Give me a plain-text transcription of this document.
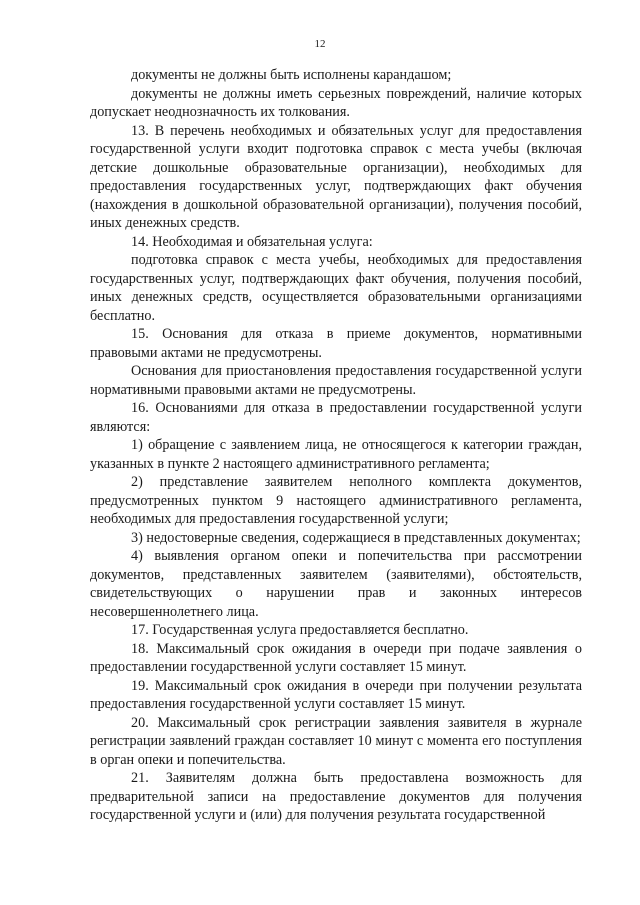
12

документы не должны быть исполнены карандашом;

документы не должны иметь серьезных повреждений, наличие которых допускает неоднозначность их толкования.

13. В перечень необходимых и обязательных услуг для предоставления государственной услуги входит подготовка справок с места учебы (включая детские дошкольные образовательные организации), необходимых для предоставления государственных услуг, подтверждающих факт обучения (нахождения в дошкольной образовательной организации), получения пособий, иных денежных средств.

14. Необходимая и обязательная услуга:

подготовка справок с места учебы, необходимых для предоставления государственных услуг, подтверждающих факт обучения, получения пособий, иных денежных средств, осуществляется образовательными организациями бесплатно.

15. Основания для отказа в приеме документов, нормативными правовыми актами не предусмотрены.

Основания для приостановления предоставления государственной услуги нормативными правовыми актами не предусмотрены.

16. Основаниями для отказа в предоставлении государственной услуги являются:

1) обращение с заявлением лица, не относящегося к категории граждан, указанных в пункте 2 настоящего административного регламента;

2) представление заявителем неполного комплекта документов, предусмотренных пунктом 9 настоящего административного регламента, необходимых для предоставления государственной услуги;

3) недостоверные сведения, содержащиеся в представленных документах;

4) выявления органом опеки и попечительства при рассмотрении документов, представленных заявителем (заявителями), обстоятельств, свидетельствующих о нарушении прав и законных интересов несовершеннолетнего лица.

17. Государственная услуга предоставляется бесплатно.

18. Максимальный срок ожидания в очереди при подаче заявления о предоставлении государственной услуги составляет 15 минут.

19. Максимальный срок ожидания в очереди при получении результата предоставления государственной услуги составляет 15 минут.

20. Максимальный срок регистрации заявления заявителя в журнале регистрации заявлений граждан составляет 10 минут с момента его поступления в орган опеки и попечительства.

21. Заявителям должна быть предоставлена возможность для предварительной записи на предоставление документов для получения государственной услуги и (или) для получения результата государственной
